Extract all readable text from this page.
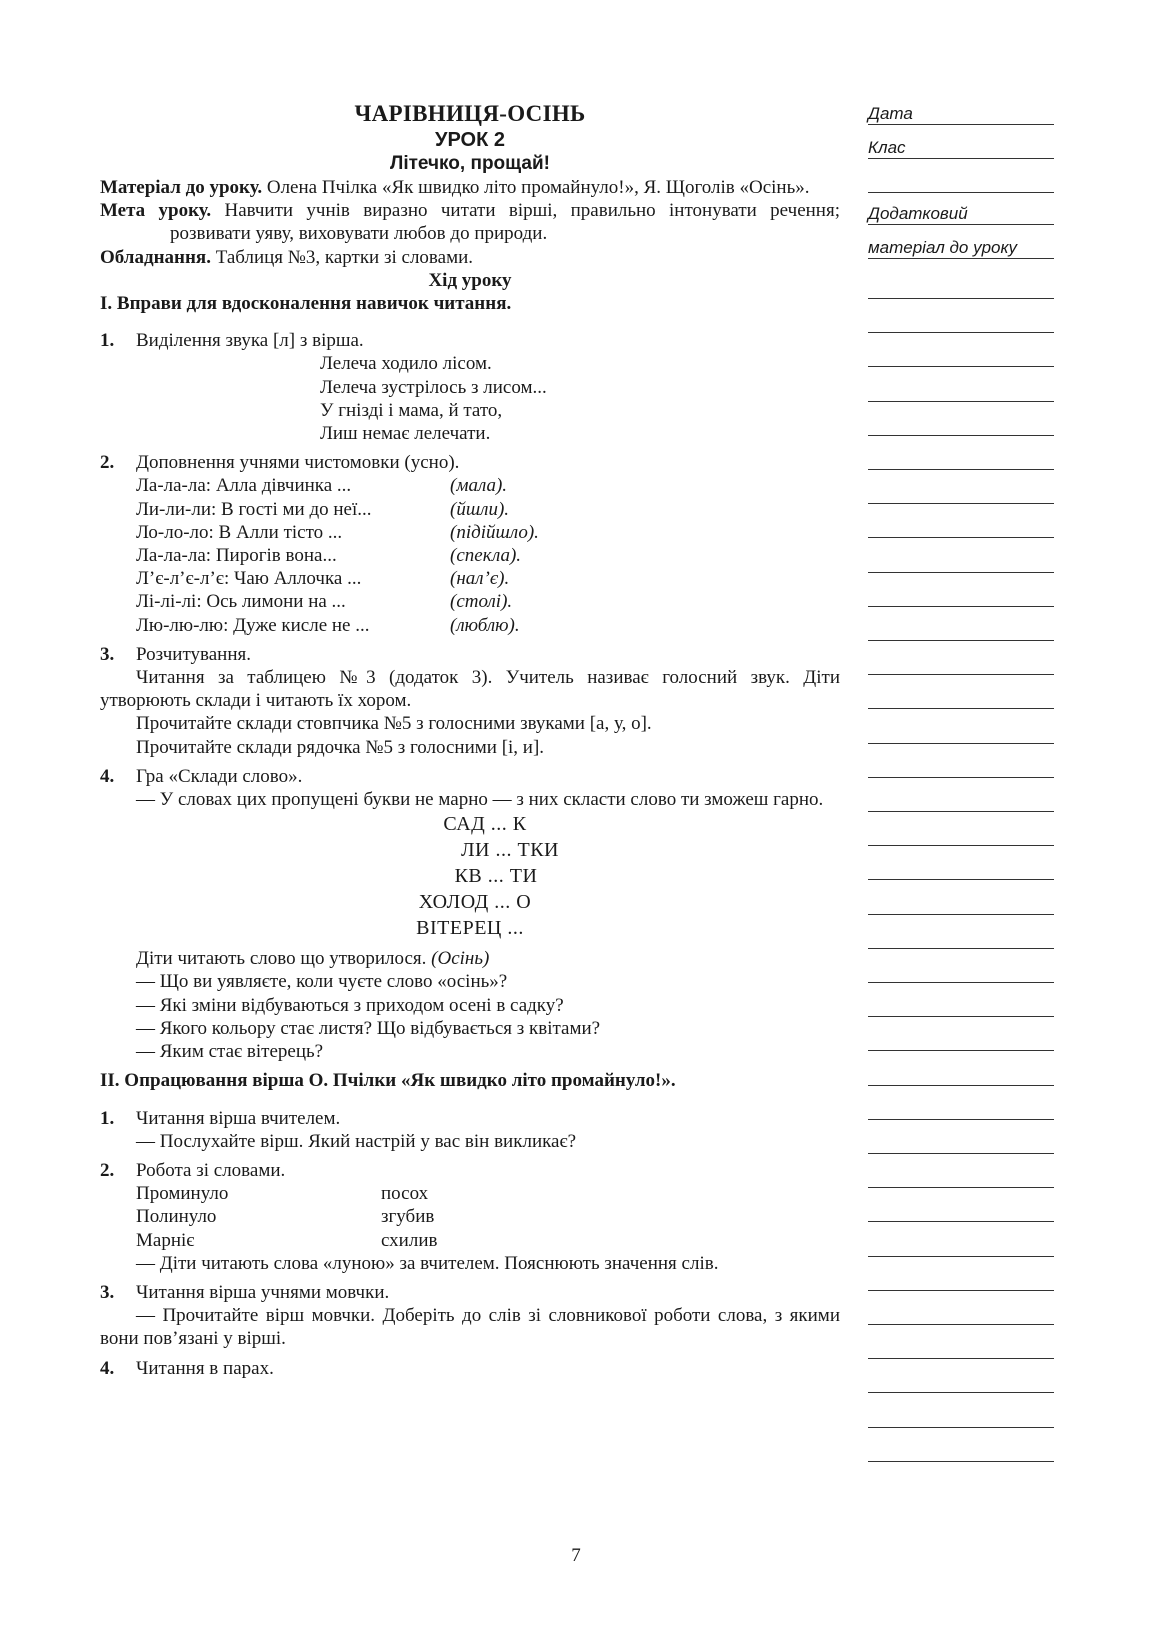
ЧАРІВНИЦЯ-ОСІНЬ

УРОК 2

Літечко, прощай!

Матеріал до уроку. Олена Пчілка «Як швидко літо промайнуло!», Я. Щоголів «Осінь».

Мета уроку. Навчити учнів виразно читати вірші, правильно інтонувати речення; розвивати уяву, виховувати любов до природи.

Обладнання. Таблиця №3, картки зі словами.

Хід уроку

І. Вправи для вдосконалення навичок читання.

1. Виділення звука [л] з вірша.

Лелеча ходило лісом.

Лелеча зустрілось з лисом...

У гнізді і мама, й тато,

Лиш немає лелечати.

2. Доповнення учнями чистомовки (усно).

Ла-ла-ла: Алла дівчинка ...	(мала).
Ли-ли-ли: В гості ми до неї...	(йшли).
Ло-ло-ло: В Алли тісто ...	(підійшло).
Ла-ла-ла: Пирогів вона...	(спекла).
Л’є-л’є-л’є: Чаю Аллочка ...	(нал’є).
Лі-лі-лі: Ось лимони на ...	(столі).
Лю-лю-лю: Дуже кисле не ...	(люблю).

3. Розчитування.

Читання за таблицею №3 (додаток 3). Учитель називає голосний звук. Діти утворюють склади і читають їх хором.

Прочитайте склади стовпчика №5 з голосними звуками [а, у, о].

Прочитайте склади рядочка №5 з голосними [і, и].

4. Гра «Склади слово».

— У словах цих пропущені букви не марно — з них скласти слово ти зможеш гарно.

САД ... К

ЛИ ... ТКИ

КВ ... ТИ

ХОЛОД ... О

ВІТЕРЕЦ ...

Діти читають слово що утворилося. (Осінь)

— Що ви уявляєте, коли чуєте слово «осінь»?

— Які зміни відбуваються з приходом осені в садку?

— Якого кольору стає листя? Що відбувається з квітами?

— Яким стає вітерець?

ІІ. Опрацювання вірша О. Пчілки «Як швидко літо промайнуло!».

1. Читання вірша вчителем.

— Послухайте вірш. Який настрій у вас він викликає?

2. Робота зі словами.

Проминуло	посох
Полинуло	згубив
Марніє	схилив

— Діти читають слова «луною» за вчителем. Пояснюють значення слів.

3. Читання вірша учнями мовчки.

— Прочитайте вірш мовчки. Доберіть до слів зі словникової роботи слова, з якими вони пов’язані у вірші.

4. Читання в парах.

Дата
Клас
Додатковий
матеріал до уроку
7
